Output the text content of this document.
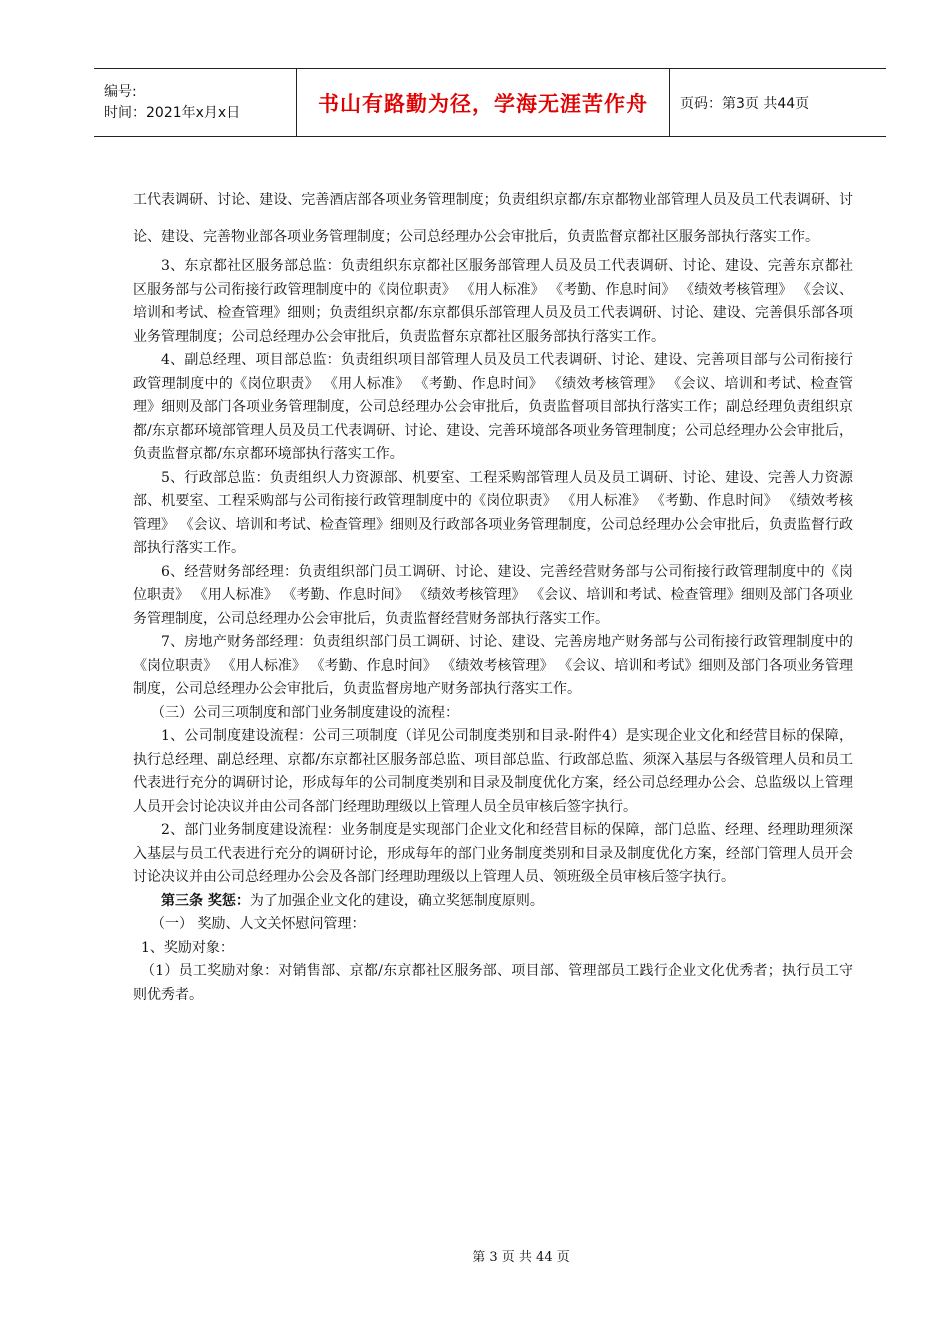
编号:
时间：2021年x月x日	书山有路勤为径，学海无涯苦作舟	页码：第3页 共44页

工代表调研、讨论、建设、完善酒店部各项业务管理制度；负责组织京都/东京都物业部管理人员及员工代表调研、讨论、建设、完善物业部各项业务管理制度；公司总经理办公会审批后，负责监督京都社区服务部执行落实工作。

3、东京都社区服务部总监：负责组织东京都社区服务部管理人员及员工代表调研、讨论、建设、完善东京都社区服务部与公司衔接行政管理制度中的《岗位职责》 《用人标准》 《考勤、作息时间》 《绩效考核管理》 《会议、培训和考试、检查管理》细则；负责组织京都/东京都俱乐部管理人员及员工代表调研、讨论、建设、完善俱乐部各项业务管理制度；公司总经理办公会审批后，负责监督东京都社区服务部执行落实工作。

4、副总经理、项目部总监：负责组织项目部管理人员及员工代表调研、讨论、建设、完善项目部与公司衔接行政管理制度中的《岗位职责》 《用人标准》 《考勤、作息时间》 《绩效考核管理》 《会议、培训和考试、检查管理》细则及部门各项业务管理制度，公司总经理办公会审批后，负责监督项目部执行落实工作；副总经理负责组织京都/东京都环境部管理人员及员工代表调研、讨论、建设、完善环境部各项业务管理制度；公司总经理办公会审批后，负责监督京都/东京都环境部执行落实工作。

5、行政部总监：负责组织人力资源部、机要室、工程采购部管理人员及员工调研、讨论、建设、完善人力资源部、机要室、工程采购部与公司衔接行政管理制度中的《岗位职责》 《用人标准》 《考勤、作息时间》 《绩效考核管理》 《会议、培训和考试、检查管理》细则及行政部各项业务管理制度，公司总经理办公会审批后，负责监督行政部执行落实工作。

6、经营财务部经理：负责组织部门员工调研、讨论、建设、完善经营财务部与公司衔接行政管理制度中的《岗位职责》 《用人标准》 《考勤、作息时间》 《绩效考核管理》 《会议、培训和考试、检查管理》细则及部门各项业务管理制度，公司总经理办公会审批后，负责监督经营财务部执行落实工作。

7、房地产财务部经理：负责组织部门员工调研、讨论、建设、完善房地产财务部与公司衔接行政管理制度中的《岗位职责》 《用人标准》 《考勤、作息时间》 《绩效考核管理》 《会议、培训和考试》细则及部门各项业务管理制度，公司总经理办公会审批后，负责监督房地产财务部执行落实工作。

（三）公司三项制度和部门业务制度建设的流程：

1、公司制度建设流程：公司三项制度（详见公司制度类别和目录-附件4）是实现企业文化和经营目标的保障，执行总经理、副总经理、京都/东京都社区服务部总监、项目部总监、行政部总监、须深入基层与各级管理人员和员工代表进行充分的调研讨论，形成每年的公司制度类别和目录及制度优化方案，经公司总经理办公会、总监级以上管理人员开会讨论决议并由公司各部门经理助理级以上管理人员全员审核后签字执行。

2、部门业务制度建设流程：业务制度是实现部门企业文化和经营目标的保障，部门总监、经理、经理助理须深入基层与员工代表进行充分的调研讨论，形成每年的部门业务制度类别和目录及制度优化方案，经部门管理人员开会讨论决议并由公司总经理办公会及各部门经理助理级以上管理人员、领班级全员审核后签字执行。

第三条 奖惩：为了加强企业文化的建设，确立奖惩制度原则。

（一） 奖励、人文关怀慰问管理：

1、奖励对象：

（1）员工奖励对象：对销售部、京都/东京都社区服务部、项目部、管理部员工践行企业文化优秀者；执行员工守则优秀者。

第 3 页 共 44 页
